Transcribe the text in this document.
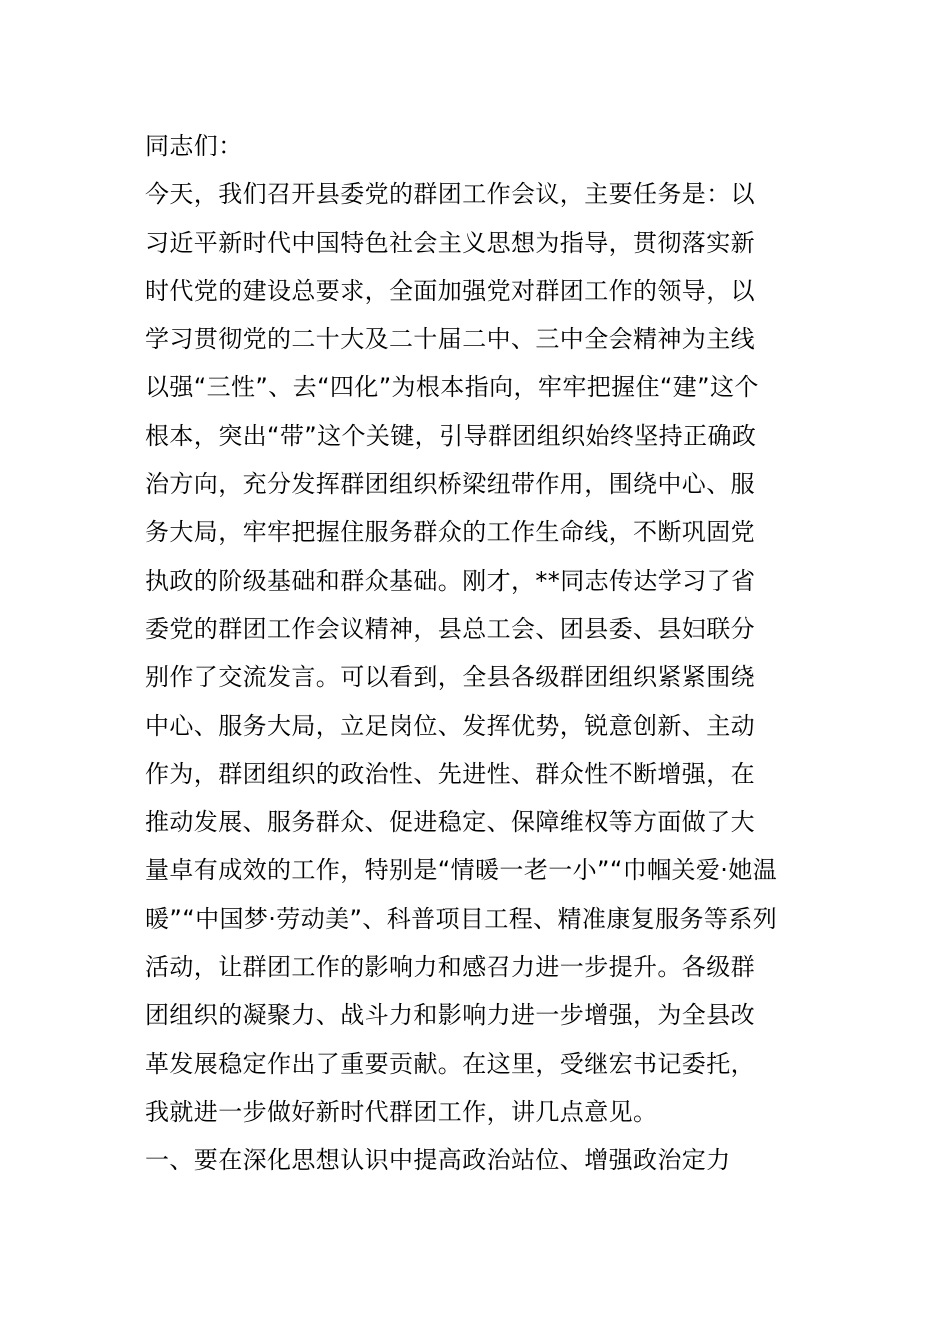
同志们：
今天，我们召开县委党的群团工作会议，主要任务是：以
习近平新时代中国特色社会主义思想为指导，贯彻落实新
时代党的建设总要求，全面加强党对群团工作的领导，以
学习贯彻党的二十大及二十届二中、三中全会精神为主线
以强“三性”、去“四化”为根本指向，牢牢把握住“建”这个
根本，突出“带”这个关键，引导群团组织始终坚持正确政
治方向，充分发挥群团组织桥梁纽带作用，围绕中心、服
务大局，牢牢把握住服务群众的工作生命线，不断巩固党
执政的阶级基础和群众基础。刚才，**同志传达学习了省
委党的群团工作会议精神，县总工会、团县委、县妇联分
别作了交流发言。可以看到，全县各级群团组织紧紧围绕
中心、服务大局，立足岗位、发挥优势，锐意创新、主动
作为，群团组织的政治性、先进性、群众性不断增强，在
推动发展、服务群众、促进稳定、保障维权等方面做了大
量卓有成效的工作，特别是“情暖一老一小”“巾帼关爱·她温
暖”“中国梦·劳动美”、科普项目工程、精准康复服务等系列
活动，让群团工作的影响力和感召力进一步提升。各级群
团组织的凝聚力、战斗力和影响力进一步增强，为全县改
革发展稳定作出了重要贡献。在这里，受继宏书记委托，
我就进一步做好新时代群团工作，讲几点意见。
一、要在深化思想认识中提高政治站位、增强政治定力
